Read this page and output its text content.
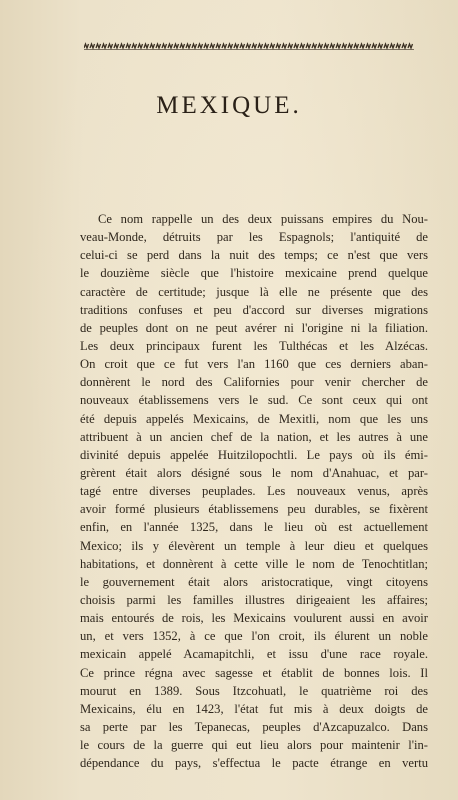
MEXIQUE.
Ce nom rappelle un des deux puissans empires du Nou-
veau-Monde, détruits par les Espagnols; l'antiquité de
celui-ci se perd dans la nuit des temps; ce n'est que vers
le douzième siècle que l'histoire mexicaine prend quelque
caractère de certitude; jusque là elle ne présente que des
traditions confuses et peu d'accord sur diverses migrations
de peuples dont on ne peut avérer ni l'origine ni la filiation.
Les deux principaux furent les Tulthécas et les Alzécas.
On croit que ce fut vers l'an 1160 que ces derniers aban-
donnèrent le nord des Californies pour venir chercher de
nouveaux établissemens vers le sud. Ce sont ceux qui ont
été depuis appelés Mexicains, de Mexitli, nom que les uns
attribuent à un ancien chef de la nation, et les autres à une
divinité depuis appelée Huitzilopochtli. Le pays où ils émi-
grèrent était alors désigné sous le nom d'Anahuac, et par-
tagé entre diverses peuplades. Les nouveaux venus, après
avoir formé plusieurs établissemens peu durables, se fixèrent
enfin, en l'année 1325, dans le lieu où est actuellement
Mexico; ils y élevèrent un temple à leur dieu et quelques
habitations, et donnèrent à cette ville le nom de Tenochtitlan;
le gouvernement était alors aristocratique, vingt citoyens
choisis parmi les familles illustres dirigeaient les affaires;
mais entourés de rois, les Mexicains voulurent aussi en avoir
un, et vers 1352, à ce que l'on croit, ils élurent un noble
mexicain appelé Acamapitchli, et issu d'une race royale.
Ce prince régna avec sagesse et établit de bonnes lois. Il
mourut en 1389. Sous Itzcohuatl, le quatrième roi des
Mexicains, élu en 1423, l'état fut mis à deux doigts de
sa perte par les Tepanecas, peuples d'Azcapuzalco. Dans
le cours de la guerre qui eut lieu alors pour maintenir l'in-
dépendance du pays, s'effectua le pacte étrange en vertu
